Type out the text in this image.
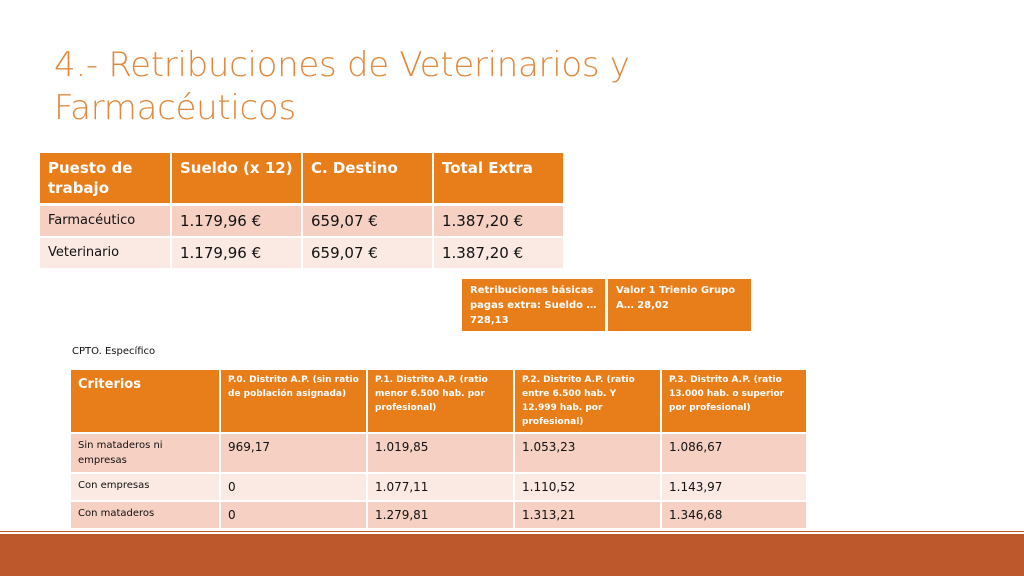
4.- Retribuciones de Veterinarios y Farmacéuticos
Puesto de trabajo	Sueldo (x 12)	C. Destino	Total Extra
Farmacéutico	1.179,96 €	659,07 €	1.387,20 €
Veterinario	1.179,96 €	659,07 €	1.387,20 €
Retribuciones básicas pagas extra: Sueldo … 728,13
Valor 1 Trienio Grupo A… 28,02
CPTO. Específico
Criterios	P.0. Distrito A.P. (sin ratio de población asignada)	P.1. Distrito A.P. (ratio menor 6.500 hab. por profesional)	P.2. Distrito A.P. (ratio entre 6.500 hab. Y 12.999 hab. por profesional)	P.3. Distrito A.P. (ratio 13.000 hab. o superior por profesional)
Sin mataderos ni empresas	969,17	1.019,85	1.053,23	1.086,67
Con empresas	0	1.077,11	1.110,52	1.143,97
Con mataderos	0	1.279,81	1.313,21	1.346,68
